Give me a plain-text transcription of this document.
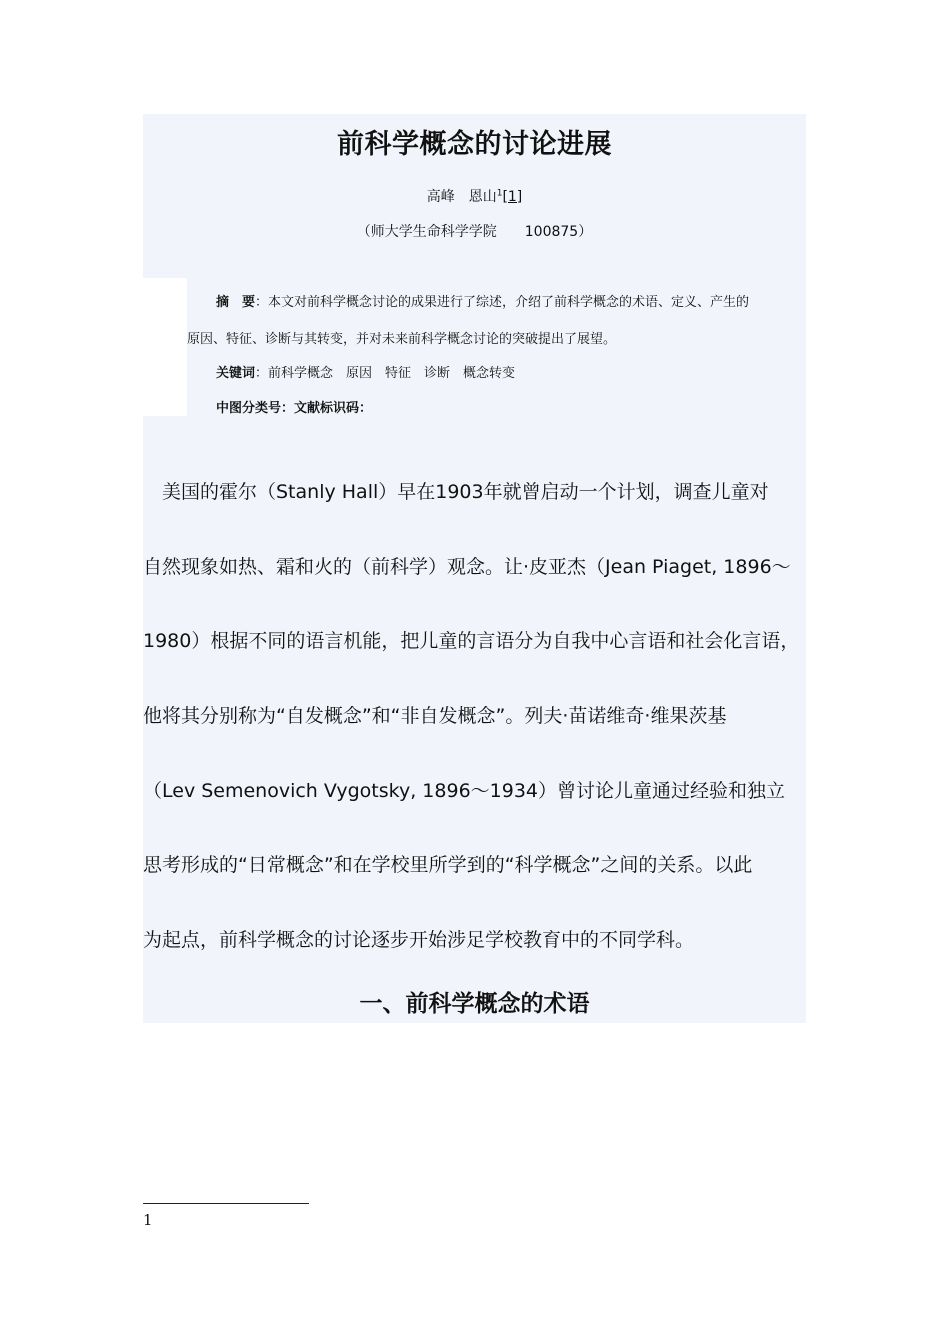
前科学概念的讨论进展
高峰　恩山$^1$[1]
（师大学生命科学学院　　100875）
摘　要：本文对前科学概念讨论的成果进行了综述，介绍了前科学概念的术语、定义、产生的
原因、特征、诊断与其转变，并对未来前科学概念讨论的突破提出了展望。
关键词：前科学概念　原因　特征　诊断　概念转变
中图分类号：文献标识码：
　美国的霍尔（Stanly Hall）早在1903年就曾启动一个计划，调查儿童对
自然现象如热、霜和火的（前科学）观念。让·皮亚杰（Jean Piaget, 1896～
1980）根据不同的语言机能，把儿童的言语分为自我中心言语和社会化言语，
他将其分别称为“自发概念”和“非自发概念”。列夫·苗诺维奇·维果茨基
（Lev Semenovich Vygotsky, 1896～1934）曾讨论儿童通过经验和独立
思考形成的“日常概念”和在学校里所学到的“科学概念”之间的关系。以此
为起点，前科学概念的讨论逐步开始涉足学校教育中的不同学科。
一、前科学概念的术语
1
